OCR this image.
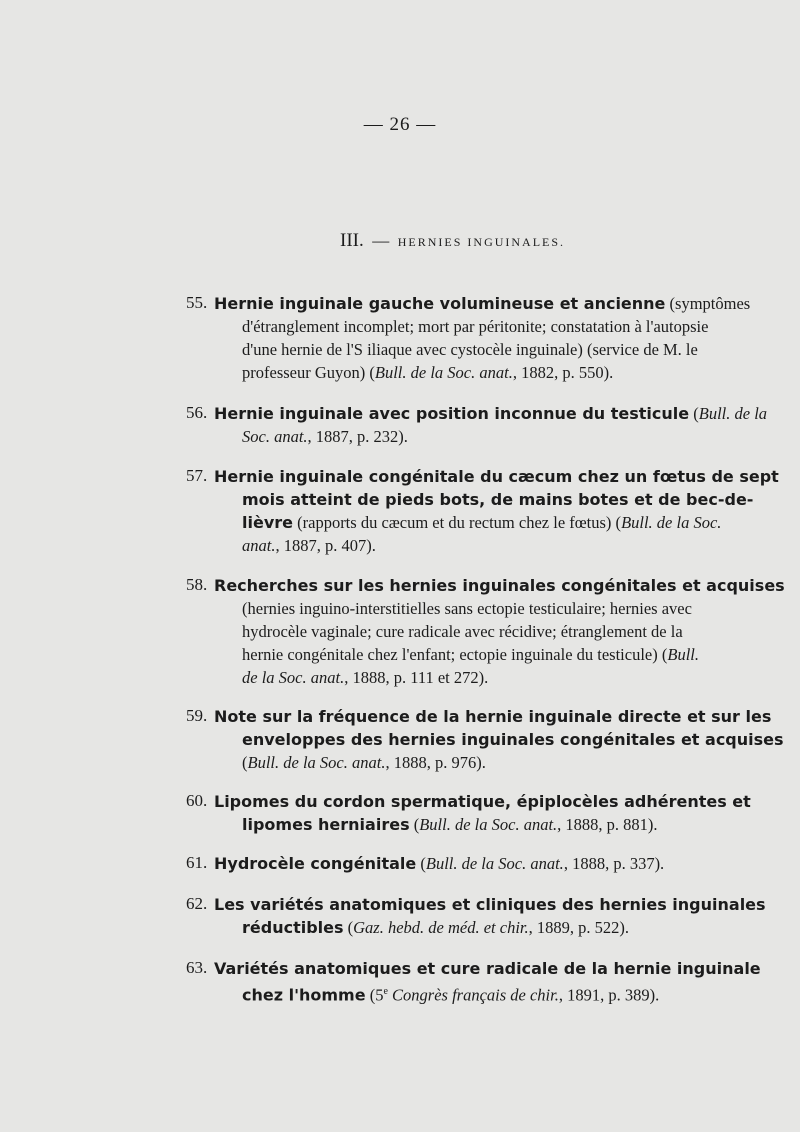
— 26 —
III. — HERNIES INGUINALES.
55. Hernie inguinale gauche volumineuse et ancienne (symptômes
d'étranglement incomplet; mort par péritonite; constatation à l'autopsie
d'une hernie de l'S iliaque avec cystocèle inguinale) (service de M. le
professeur Guyon) (Bull. de la Soc. anat., 1882, p. 550).
56. Hernie inguinale avec position inconnue du testicule (Bull. de la
Soc. anat., 1887, p. 232).
57. Hernie inguinale congénitale du cæcum chez un fœtus de sept
mois atteint de pieds bots, de mains botes et de bec-de-
lièvre (rapports du cæcum et du rectum chez le fœtus) (Bull. de la Soc.
anat., 1887, p. 407).
58. Recherches sur les hernies inguinales congénitales et acquises
(hernies inguino-interstitielles sans ectopie testiculaire; hernies avec
hydrocèle vaginale; cure radicale avec récidive; étranglement de la
hernie congénitale chez l'enfant; ectopie inguinale du testicule) (Bull.
de la Soc. anat., 1888, p. 111 et 272).
59. Note sur la fréquence de la hernie inguinale directe et sur les
enveloppes des hernies inguinales congénitales et acquises
(Bull. de la Soc. anat., 1888, p. 976).
60. Lipomes du cordon spermatique, épiplocèles adhérentes et
lipomes herniaires (Bull. de la Soc. anat., 1888, p. 881).
61. Hydrocèle congénitale (Bull. de la Soc. anat., 1888, p. 337).
62. Les variétés anatomiques et cliniques des hernies inguinales
réductibles (Gaz. hebd. de méd. et chir., 1889, p. 522).
63. Variétés anatomiques et cure radicale de la hernie inguinale
chez l'homme (5e Congrès français de chir., 1891, p. 389).
